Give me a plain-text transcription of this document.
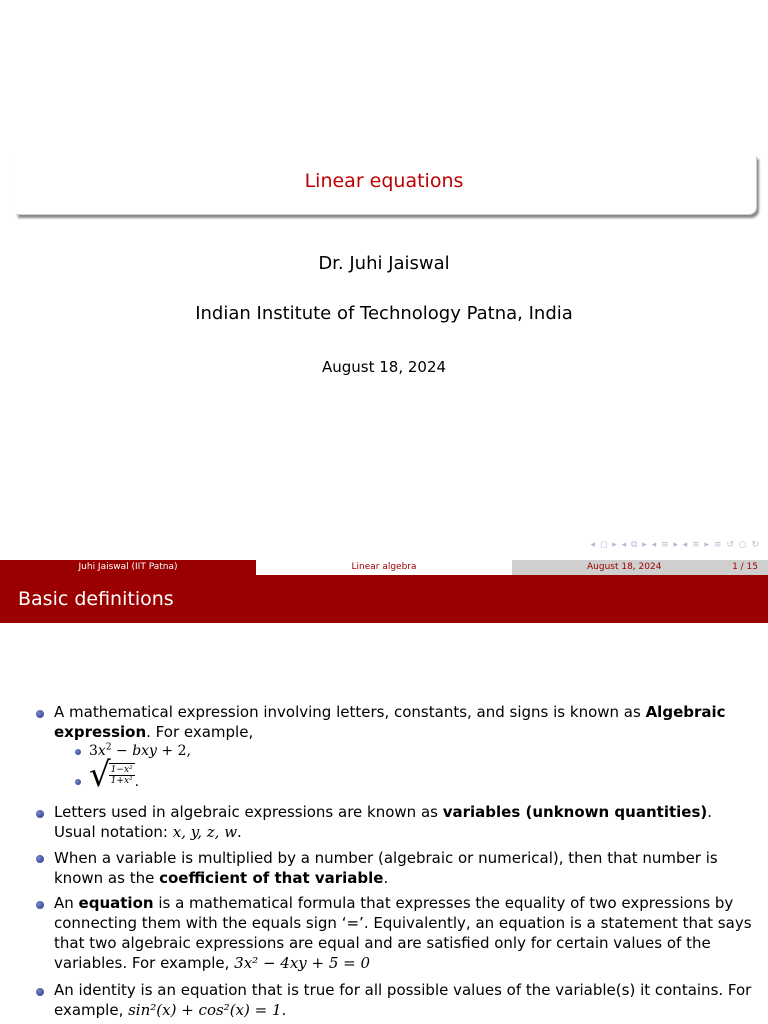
Linear equations
Dr. Juhi Jaiswal
Indian Institute of Technology Patna, India
August 18, 2024
◂ ◻ ▸ ◂ ⧉ ▸ ◂ ≡ ▸ ◂ ≡ ▸ ≡ ↺ ○ ↻
Juhi Jaiswal (IIT Patna)	Linear algebra	August 18, 2024	1 / 15
Basic definitions
A mathematical expression involving letters, constants, and signs is known as Algebraic expression. For example,
$3x^2$ − bxy + 2,
√
$\frac{\text{1−x²}}{\text{1+x²}}$ .
Letters used in algebraic expressions are known as variables (unknown quantities). Usual notation: x, y, z, w.
When a variable is multiplied by a number (algebraic or numerical), then that number is known as the coefficient of that variable.
An equation is a mathematical formula that expresses the equality of two expressions by connecting them with the equals sign ‘=’. Equivalently, an equation is a statement that says that two algebraic expressions are equal and are satisfied only for certain values of the variables. For example, 3x² − 4xy + 5 = 0
An identity is an equation that is true for all possible values of the variable(s) it contains. For example, sin²(x) + cos²(x) = 1.
